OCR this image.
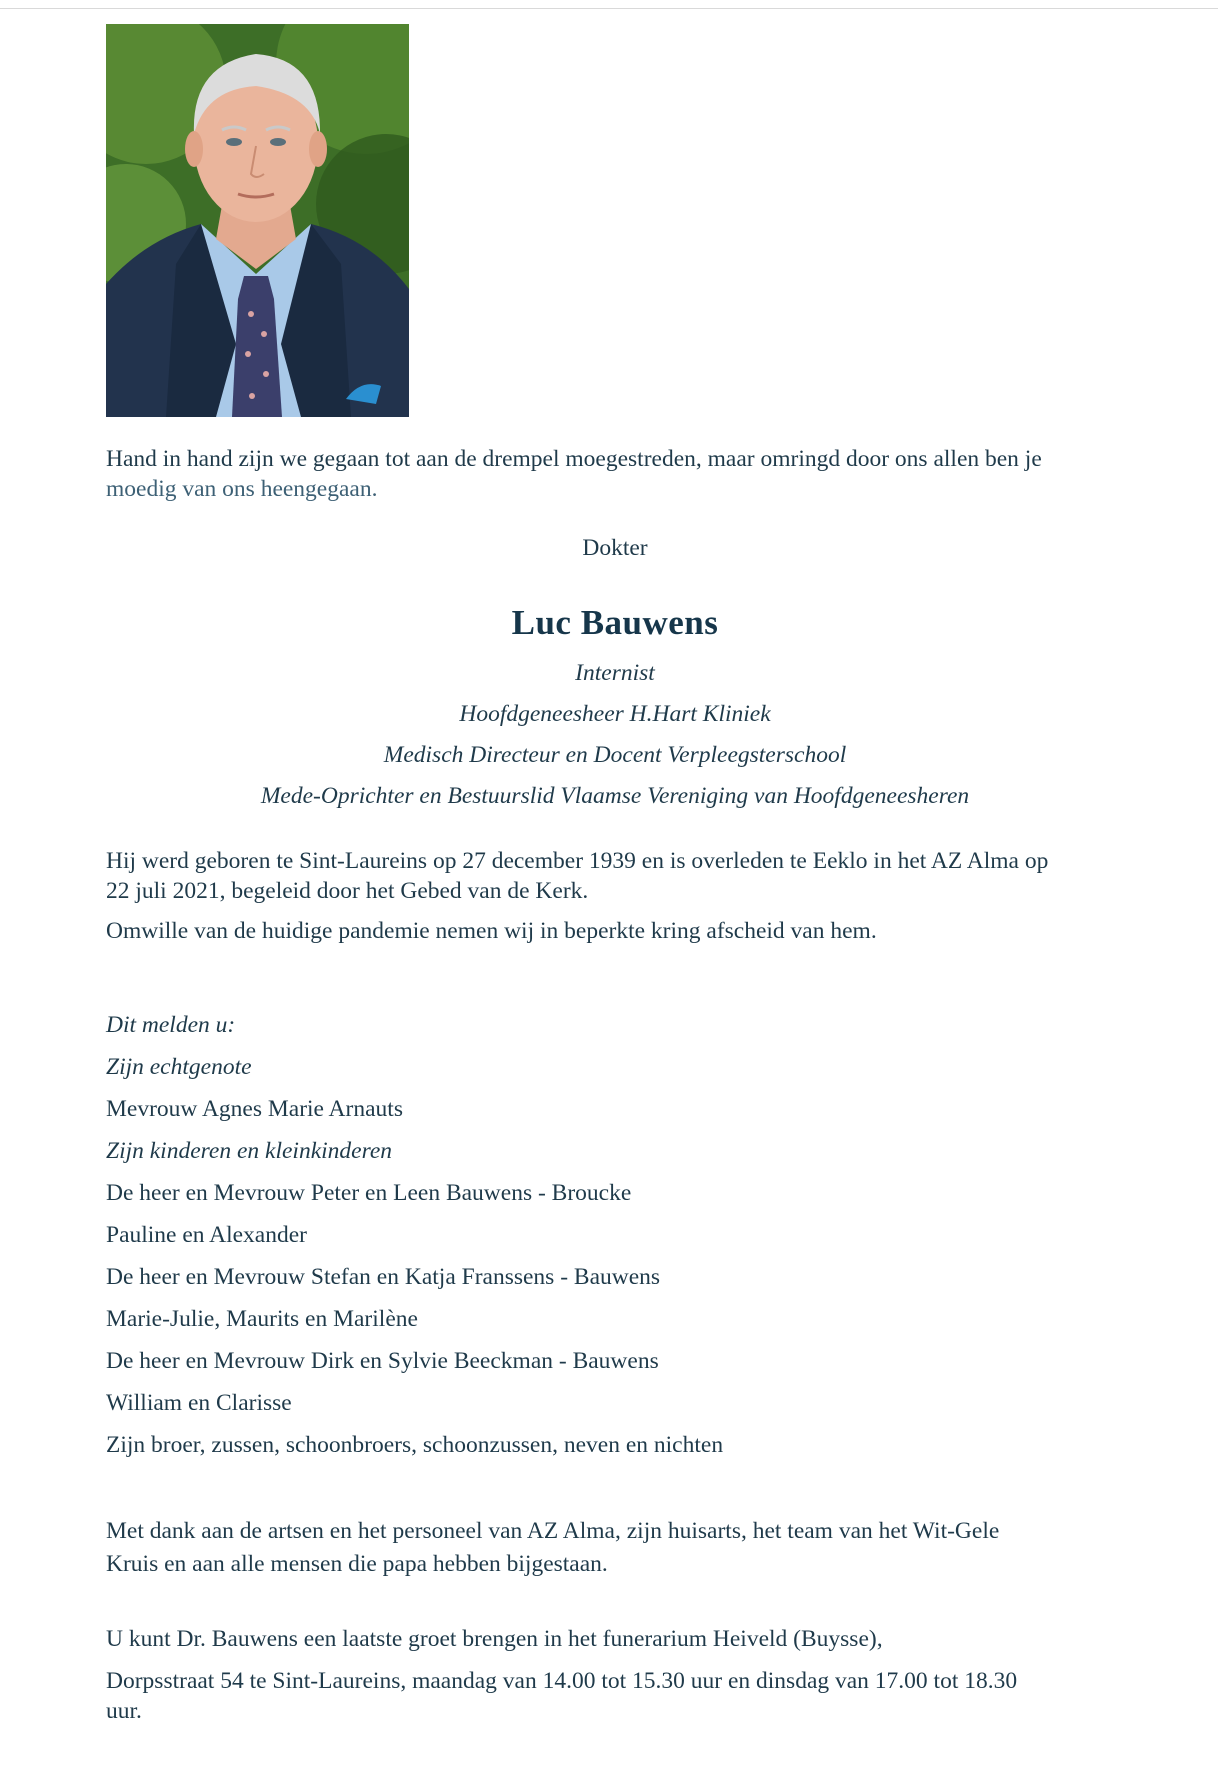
Hand in hand zijn we gegaan tot aan de drempel moegestreden, maar omringd door ons allen ben je
moedig van ons heengegaan.
Dokter
Luc Bauwens
Internist
Hoofdgeneesheer H.Hart Kliniek
Medisch Directeur en Docent Verpleegsterschool
Mede-Oprichter en Bestuurslid Vlaamse Vereniging van Hoofdgeneesheren
Hij werd geboren te Sint-Laureins op 27 december 1939 en is overleden te Eeklo in het AZ Alma op
22 juli 2021, begeleid door het Gebed van de Kerk.
Omwille van de huidige pandemie nemen wij in beperkte kring afscheid van hem.
Dit melden u:
Zijn echtgenote
Mevrouw Agnes Marie Arnauts
Zijn kinderen en kleinkinderen
De heer en Mevrouw Peter en Leen Bauwens - Broucke
Pauline en Alexander
De heer en Mevrouw Stefan en Katja Franssens - Bauwens
Marie-Julie, Maurits en Marilène
De heer en Mevrouw Dirk en Sylvie Beeckman - Bauwens
William en Clarisse
Zijn broer, zussen, schoonbroers, schoonzussen, neven en nichten
Met dank aan de artsen en het personeel van AZ Alma, zijn huisarts, het team van het Wit-Gele
Kruis en aan alle mensen die papa hebben bijgestaan.
U kunt Dr. Bauwens een laatste groet brengen in het funerarium Heiveld (Buysse),
Dorpsstraat 54 te Sint-Laureins, maandag van 14.00 tot 15.30 uur en dinsdag van 17.00 tot 18.30
uur.
